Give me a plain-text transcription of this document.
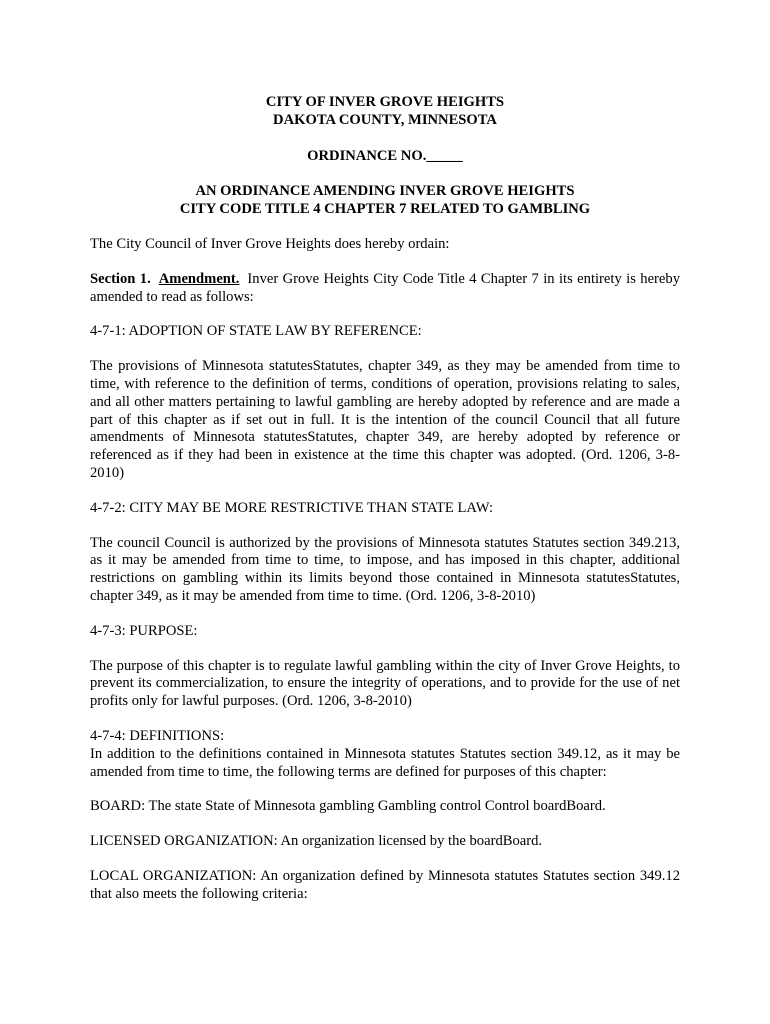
CITY OF INVER GROVE HEIGHTS

DAKOTA COUNTY, MINNESOTA

ORDINANCE NO._____

AN ORDINANCE AMENDING INVER GROVE HEIGHTS

CITY CODE TITLE 4 CHAPTER 7 RELATED TO GAMBLING

The City Council of Inver Grove Heights does hereby ordain:

Section 1. Amendment. Inver Grove Heights City Code Title 4 Chapter 7 in its entirety is hereby amended to read as follows:

4-7-1: ADOPTION OF STATE LAW BY REFERENCE:

The provisions of Minnesota statutesStatutes, chapter 349, as they may be amended from time to time, with reference to the definition of terms, conditions of operation, provisions relating to sales, and all other matters pertaining to lawful gambling are hereby adopted by reference and are made a part of this chapter as if set out in full. It is the intention of the council Council that all future amendments of Minnesota statutesStatutes, chapter 349, are hereby adopted by reference or referenced as if they had been in existence at the time this chapter was adopted. (Ord. 1206, 3-8-2010)

4-7-2: CITY MAY BE MORE RESTRICTIVE THAN STATE LAW:

The council Council is authorized by the provisions of Minnesota statutes Statutes section 349.213, as it may be amended from time to time, to impose, and has imposed in this chapter, additional restrictions on gambling within its limits beyond those contained in Minnesota statutesStatutes, chapter 349, as it may be amended from time to time. (Ord. 1206, 3-8-2010)

4-7-3: PURPOSE:

The purpose of this chapter is to regulate lawful gambling within the city of Inver Grove Heights, to prevent its commercialization, to ensure the integrity of operations, and to provide for the use of net profits only for lawful purposes. (Ord. 1206, 3-8-2010)

4-7-4: DEFINITIONS:

In addition to the definitions contained in Minnesota statutes Statutes section 349.12, as it may be amended from time to time, the following terms are defined for purposes of this chapter:

BOARD: The state State of Minnesota gambling Gambling control Control boardBoard.

LICENSED ORGANIZATION: An organization licensed by the boardBoard.

LOCAL ORGANIZATION: An organization defined by Minnesota statutes Statutes section 349.12 that also meets the following criteria:
